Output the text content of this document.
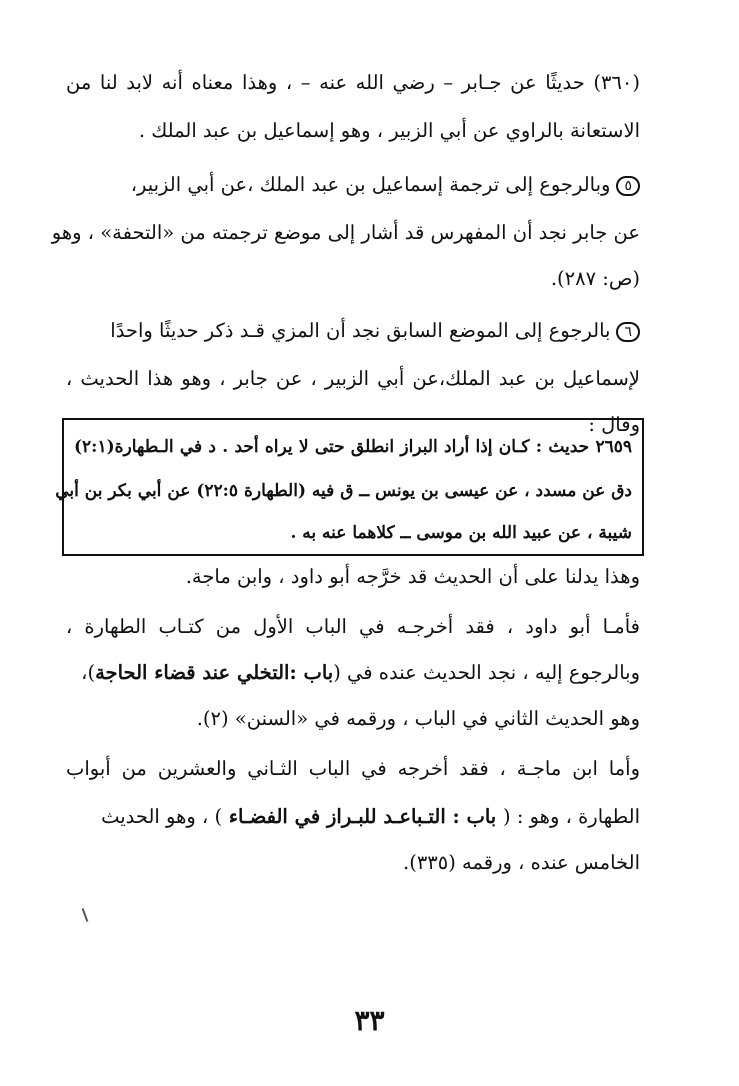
(٣٦٠) حديثًا عن جـابر – رضي الله عنه – ، وهذا معناه أنه لابد لنا من
الاستعانة بالراوي عن أبي الزبير ، وهو إسماعيل بن عبد الملك .
٥وبالرجوع إلى ترجمة إسماعيل بن عبد الملك ،عن أبي الزبير،
عن جابر نجد أن المفهرس قد أشار إلى موضع ترجمته من «التحفة» ، وهو
(ص: ٢٨٧).
٦بالرجوع إلى الموضع السابق نجد أن المزي قـد ذكر حديثًا واحدًا
لإسماعيل بن عبد الملك،عن أبي الزبير ، عن جابر ، وهو هذا الحديث ،
وقال :
٢٦٥٩ حديث : كـان إذا أراد البراز انطلق حتى لا يراه أحد . د في الـطهارة(٢:١)
دق عن مسدد ، عن عيسى بن يونس ــ ق فيه (الطهارة ٢٢:٥) عن أبي بكر بن أبي
شيبة ، عن عبيد الله بن موسى ــ كلاهما عنه به .
وهذا يدلنا على أن الحديث قد خرَّجه أبو داود ، وابن ماجة.
فأمـا أبو داود ، فقد أخرجـه في الباب الأول من كتـاب الطهارة ،
وبالرجوع إليه ، نجد الحديث عنده في (باب :التخلي عند قضاء الحاجة)،
وهو الحديث الثاني في الباب ، ورقمه في «السنن» (٢).
وأما ابن ماجـة ، فقد أخرجه في الباب الثـاني والعشرين من أبواب
الطهارة ، وهو : ( باب : التـباعـد للبـراز في الفضـاء ) ، وهو الحديث
الخامس عنده ، ورقمه (٣٣٥).
٣٣
